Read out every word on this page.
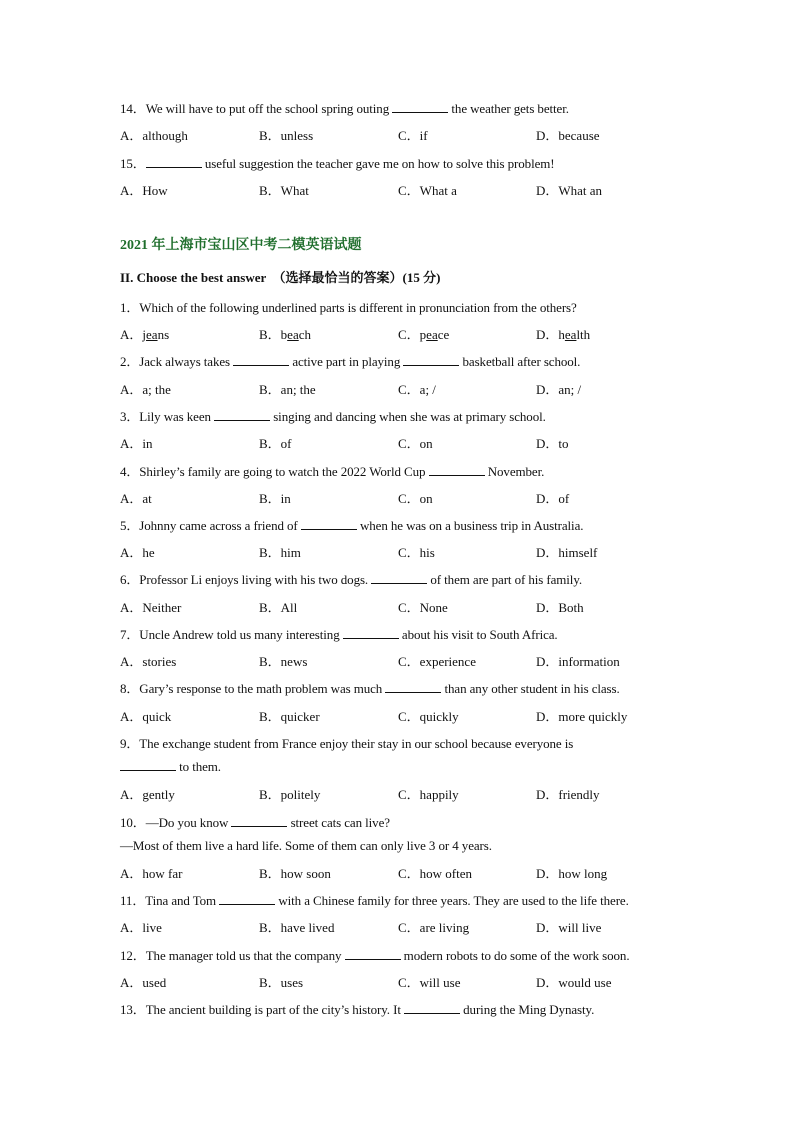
14．We will have to put off the school spring outing	the weather gets better.
A．although	B．unless	C．if	D．because
15．	useful suggestion the teacher gave me on how to solve this problem!
A．How	B．What	C．What a	D．What an
2021 年上海市宝山区中考二模英语试题
II. Choose the best answer　（选择最恰当的答案）(15 分)
1．Which of the following underlined parts is different in pronunciation from the others?
A．jeans	B．beach	C．peace	D．health
2．Jack always takes	active part in playing	basketball after school.
A．a; the	B．an; the	C．a; /	D．an; /
3．Lily was keen	singing and dancing when she was at primary school.
A．in	B．of	C．on	D．to
4．Shirley’s family are going to watch the 2022 World Cup	November.
A．at	B．in	C．on	D．of
5．Johnny came across a friend of	when he was on a business trip in Australia.
A．he	B．him	C．his	D．himself
6．Professor Li enjoys living with his two dogs.	of them are part of his family.
A．Neither	B．All	C．None	D．Both
7．Uncle Andrew told us many interesting	about his visit to South Africa.
A．stories	B．news	C．experience	D．information
8．Gary’s response to the math problem was much	than any other student in his class.
A．quick	B．quicker	C．quickly	D．more quickly
9．The exchange student from France enjoy their stay in our school because everyone is
to them.
A．gently	B．politely	C．happily	D．friendly
10．—Do you know	street cats can live?
—Most of them live a hard life. Some of them can only live 3 or 4 years.
A．how far	B．how soon	C．how often	D．how long
11．Tina and Tom	with a Chinese family for three years. They are used to the life there.
A．live	B．have lived	C．are living	D．will live
12．The manager told us that the company	modern robots to do some of the work soon.
A．used	B．uses	C．will use	D．would use
13．The ancient building is part of the city’s history. It	during the Ming Dynasty.
